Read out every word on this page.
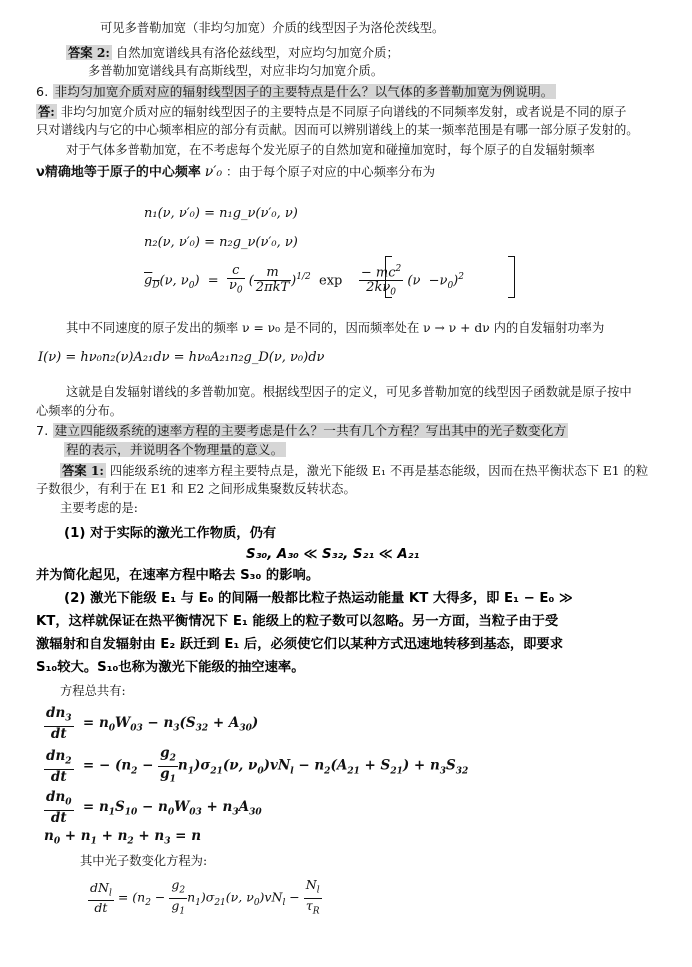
可见多普勒加宽（非均匀加宽）介质的线型因子为洛伦茨线型。
答案 2: 自然加宽谱线具有洛伦兹线型，对应均匀加宽介质；
多普勒加宽谱线具有高斯线型，对应非均匀加宽介质。
6. 非均匀加宽介质对应的辐射线型因子的主要特点是什么？以气体的多普勒加宽为例说明。
答: 非均匀加宽介质对应的辐射线型因子的主要特点是不同原子向谱线的不同频率发射，或者说是不同的原子
只对谱线内与它的中心频率相应的部分有贡献。因而可以辨别谱线上的某一频率范围是有哪一部分原子发射的。
对于气体多普勒加宽，在不考虑每个发光原子的自然加宽和碰撞加宽时，每个原子的自发辐射频率
ν精确地等于原子的中心频率 ν′₀ ：由于每个原子对应的中心频率分布为
n₁(ν, ν′₀) = n₁g_ν(ν′₀, ν)
n₂(ν, ν′₀) = n₂g_ν(ν′₀, ν)
$g_D(\nu$, $\nu_0) = \frac{c}{\nu_0}$ ( $\frac{m}{\text{2πkT}} )^{1/2}$ $\exp \frac{- mc^2}{2k\nu_0} (\nu -\nu_0)^2$
其中不同速度的原子发出的频率 ν = ν₀ 是不同的，因而频率处在 ν → ν + dν 内的自发辐射功率为
I(ν) = hν₀n₂(ν)A₂₁dν = hν₀A₂₁n₂g_D(ν, ν₀)dν
这就是自发辐射谱线的多普勒加宽。根据线型因子的定义，可见多普勒加宽的线型因子函数就是原子按中
心频率的分布。
7. 建立四能级系统的速率方程的主要考虑是什么？一共有几个方程？写出其中的光子数变化方
程的表示，并说明各个物理量的意义。
答案 1: 四能级系统的速率方程主要特点是，激光下能级 E₁ 不再是基态能级，因而在热平衡状态下 E1 的粒
子数很少，有利于在 E1 和 E2 之间形成集聚数反转状态。
主要考虑的是:
(1) 对于实际的激光工作物质，仍有
S₃₀, A₃₀ ≪ S₃₂, S₂₁ ≪ A₂₁
并为简化起见，在速率方程中略去 S₃₀ 的影响。
(2) 激光下能级 E₁ 与 E₀ 的间隔一般都比粒子热运动能量 KT 大得多，即 E₁ − E₀ ≫
KT，这样就保证在热平衡情况下 E₁ 能级上的粒子数可以忽略。另一方面，当粒子由于受
激辐射和自发辐射由 E₂ 跃迁到 E₁ 后，必须使它们以某种方式迅速地转移到基态，即要求
S₁₀较大。S₁₀也称为激光下能级的抽空速率。
方程总共有:
$\frac{dn_3}{dt} = n_0W_{03} - n_3(S_{32} + A_{30})$
$\frac{dn_2}{dt}$ = − $(n_2 - \frac{g_2}{g_1} n_1)\sigma_{21}(\nu$, $\nu_0)vN_l - n_2(A_{21} + S_{21}) + n_3S_{32}$
$\frac{dn_0}{dt} = n_1S_{10} - n_0W_{03} + n_3A_{30}$
$n_0 + n_1 + n_2 + n_3 = n$
其中光子数变化方程为:
$\frac{dN_l}{dt} = (n_2 - \frac{g_2}{g_1} n_1)\sigma_{21}(\nu$, $\nu_0)vN_l - \frac{N_l}{\tau_R}$
